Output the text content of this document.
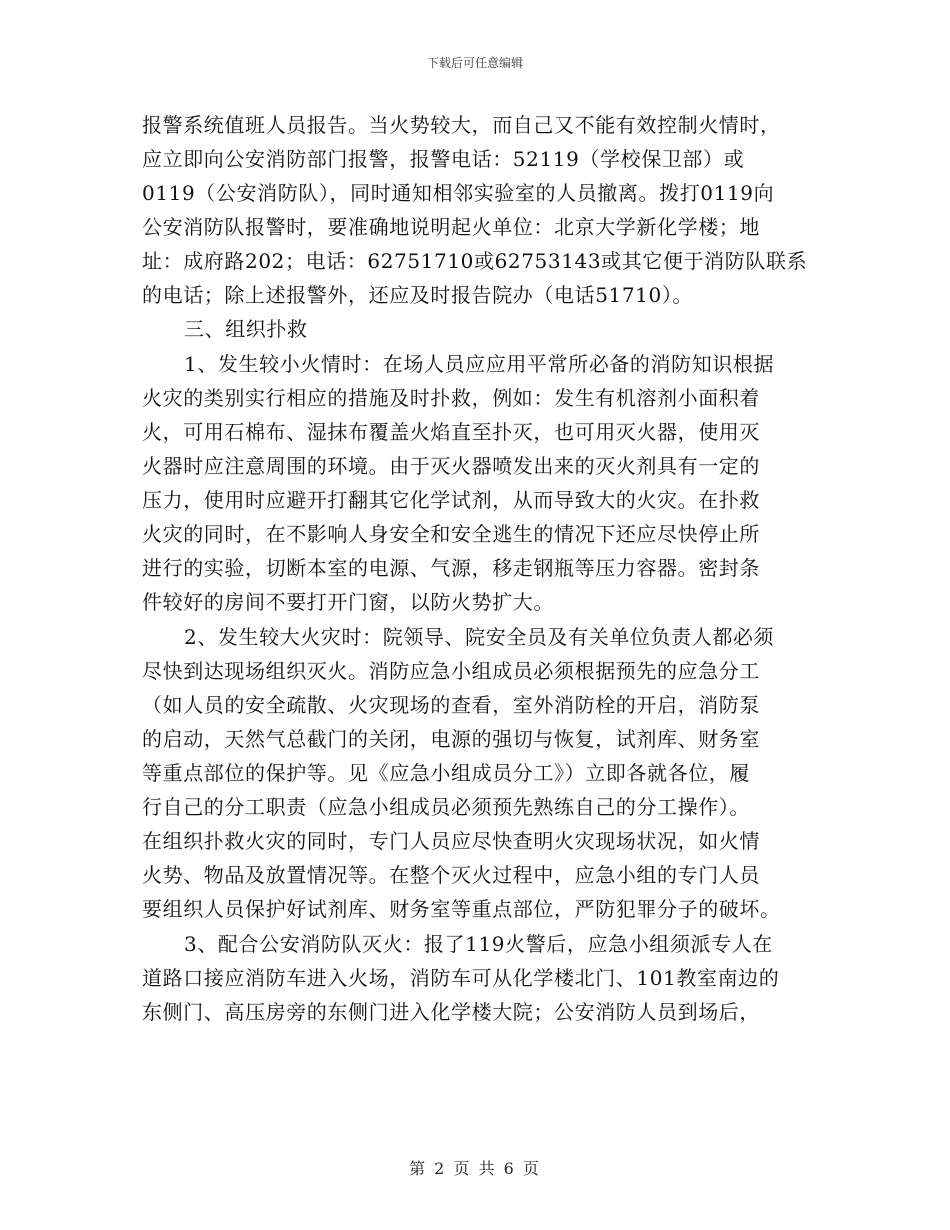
下载后可任意编辑
报警系统值班人员报告。当火势较大，而自己又不能有效控制火情时，
应立即向公安消防部门报警，报警电话：52119（学校保卫部）或
0119（公安消防队），同时通知相邻实验室的人员撤离。拨打0119向
公安消防队报警时，要准确地说明起火单位：北京大学新化学楼；地
址：成府路202；电话：62751710或62753143或其它便于消防队联系
的电话；除上述报警外，还应及时报告院办（电话51710）。
三、组织扑救
1、发生较小火情时：在场人员应应用平常所必备的消防知识根据
火灾的类别实行相应的措施及时扑救，例如：发生有机溶剂小面积着
火，可用石棉布、湿抹布覆盖火焰直至扑灭，也可用灭火器，使用灭
火器时应注意周围的环境。由于灭火器喷发出来的灭火剂具有一定的
压力，使用时应避开打翻其它化学试剂，从而导致大的火灾。在扑救
火灾的同时，在不影响人身安全和安全逃生的情况下还应尽快停止所
进行的实验，切断本室的电源、气源，移走钢瓶等压力容器。密封条
件较好的房间不要打开门窗，以防火势扩大。
2、发生较大火灾时：院领导、院安全员及有关单位负责人都必须
尽快到达现场组织灭火。消防应急小组成员必须根据预先的应急分工
（如人员的安全疏散、火灾现场的查看，室外消防栓的开启，消防泵
的启动，天然气总截门的关闭，电源的强切与恢复，试剂库、财务室
等重点部位的保护等。见《应急小组成员分工》）立即各就各位，履
行自己的分工职责（应急小组成员必须预先熟练自己的分工操作）。
在组织扑救火灾的同时，专门人员应尽快查明火灾现场状况，如火情
火势、物品及放置情况等。在整个灭火过程中，应急小组的专门人员
要组织人员保护好试剂库、财务室等重点部位，严防犯罪分子的破坏。
3、配合公安消防队灭火：报了119火警后，应急小组须派专人在
道路口接应消防车进入火场，消防车可从化学楼北门、101教室南边的
东侧门、高压房旁的东侧门进入化学楼大院；公安消防人员到场后，
第 2 页 共 6 页
